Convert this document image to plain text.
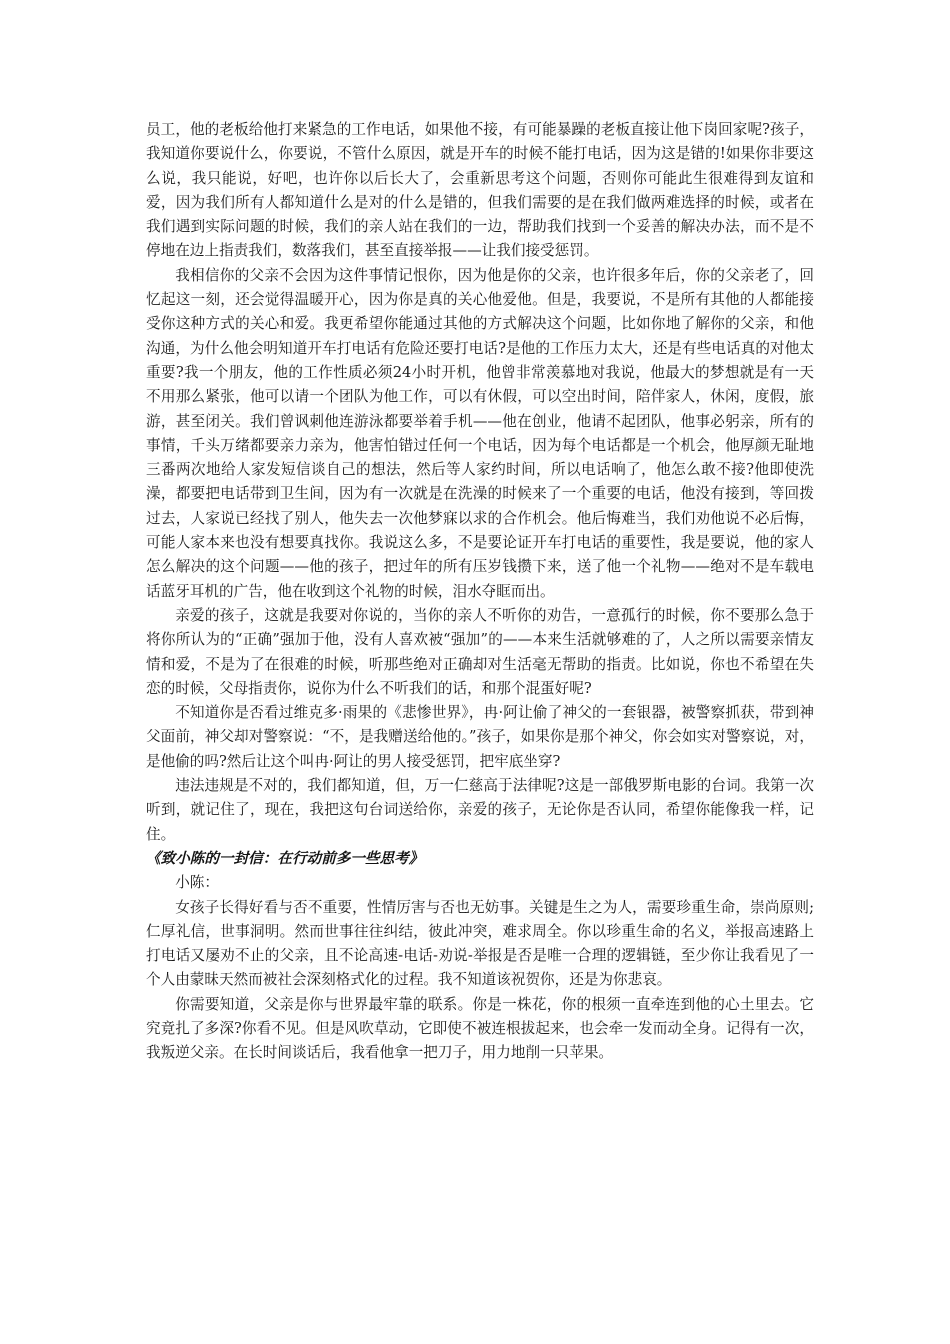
员工，他的老板给他打来紧急的工作电话，如果他不接，有可能暴躁的老板直接让他下岗回家呢?孩子，我知道你要说什么，你要说，不管什么原因，就是开车的时候不能打电话，因为这是错的!如果你非要这么说，我只能说，好吧，也许你以后长大了，会重新思考这个问题，否则你可能此生很难得到友谊和爱，因为我们所有人都知道什么是对的什么是错的，但我们需要的是在我们做两难选择的时候，或者在我们遇到实际问题的时候，我们的亲人站在我们的一边，帮助我们找到一个妥善的解决办法，而不是不停地在边上指责我们，数落我们，甚至直接举报——让我们接受惩罚。

我相信你的父亲不会因为这件事情记恨你，因为他是你的父亲，也许很多年后，你的父亲老了，回忆起这一刻，还会觉得温暖开心，因为你是真的关心他爱他。但是，我要说，不是所有其他的人都能接受你这种方式的关心和爱。我更希望你能通过其他的方式解决这个问题，比如你地了解你的父亲，和他沟通，为什么他会明知道开车打电话有危险还要打电话?是他的工作压力太大，还是有些电话真的对他太重要?我一个朋友，他的工作性质必须24小时开机，他曾非常羡慕地对我说，他最大的梦想就是有一天不用那么紧张，他可以请一个团队为他工作，可以有休假，可以空出时间，陪伴家人，休闲，度假，旅游，甚至闭关。我们曾讽刺他连游泳都要举着手机——他在创业，他请不起团队，他事必躬亲，所有的事情，千头万绪都要亲力亲为，他害怕错过任何一个电话，因为每个电话都是一个机会，他厚颜无耻地三番两次地给人家发短信谈自己的想法，然后等人家约时间，所以电话响了，他怎么敢不接?他即使洗澡，都要把电话带到卫生间，因为有一次就是在洗澡的时候来了一个重要的电话，他没有接到，等回拨过去，人家说已经找了别人，他失去一次他梦寐以求的合作机会。他后悔难当，我们劝他说不必后悔，可能人家本来也没有想要真找你。我说这么多，不是要论证开车打电话的重要性，我是要说，他的家人怎么解决的这个问题——他的孩子，把过年的所有压岁钱攒下来，送了他一个礼物——绝对不是车载电话蓝牙耳机的广告，他在收到这个礼物的时候，泪水夺眶而出。

亲爱的孩子，这就是我要对你说的，当你的亲人不听你的劝告，一意孤行的时候，你不要那么急于将你所认为的“正确”强加于他，没有人喜欢被“强加”的——本来生活就够难的了，人之所以需要亲情友情和爱，不是为了在很难的时候，听那些绝对正确却对生活毫无帮助的指责。比如说，你也不希望在失恋的时候，父母指责你，说你为什么不听我们的话，和那个混蛋好呢?

不知道你是否看过维克多·雨果的《悲惨世界》，冉·阿让偷了神父的一套银器，被警察抓获，带到神父面前，神父却对警察说：“不，是我赠送给他的。”孩子，如果你是那个神父，你会如实对警察说，对，是他偷的吗?然后让这个叫冉·阿让的男人接受惩罚，把牢底坐穿?

违法违规是不对的，我们都知道，但，万一仁慈高于法律呢?这是一部俄罗斯电影的台词。我第一次听到，就记住了，现在，我把这句台词送给你，亲爱的孩子，无论你是否认同，希望你能像我一样，记住。

《致小陈的一封信：在行动前多一些思考》

小陈：

女孩子长得好看与否不重要，性情厉害与否也无妨事。关键是生之为人，需要珍重生命，崇尚原则;仁厚礼信，世事洞明。然而世事往往纠结，彼此冲突，难求周全。你以珍重生命的名义，举报高速路上打电话又屡劝不止的父亲，且不论高速-电话-劝说-举报是否是唯一合理的逻辑链，至少你让我看见了一个人由蒙昧天然而被社会深刻格式化的过程。我不知道该祝贺你，还是为你悲哀。

你需要知道，父亲是你与世界最牢靠的联系。你是一株花，你的根须一直牵连到他的心土里去。它究竟扎了多深?你看不见。但是风吹草动，它即使不被连根拔起来，也会牵一发而动全身。记得有一次，我叛逆父亲。在长时间谈话后，我看他拿一把刀子，用力地削一只苹果。
